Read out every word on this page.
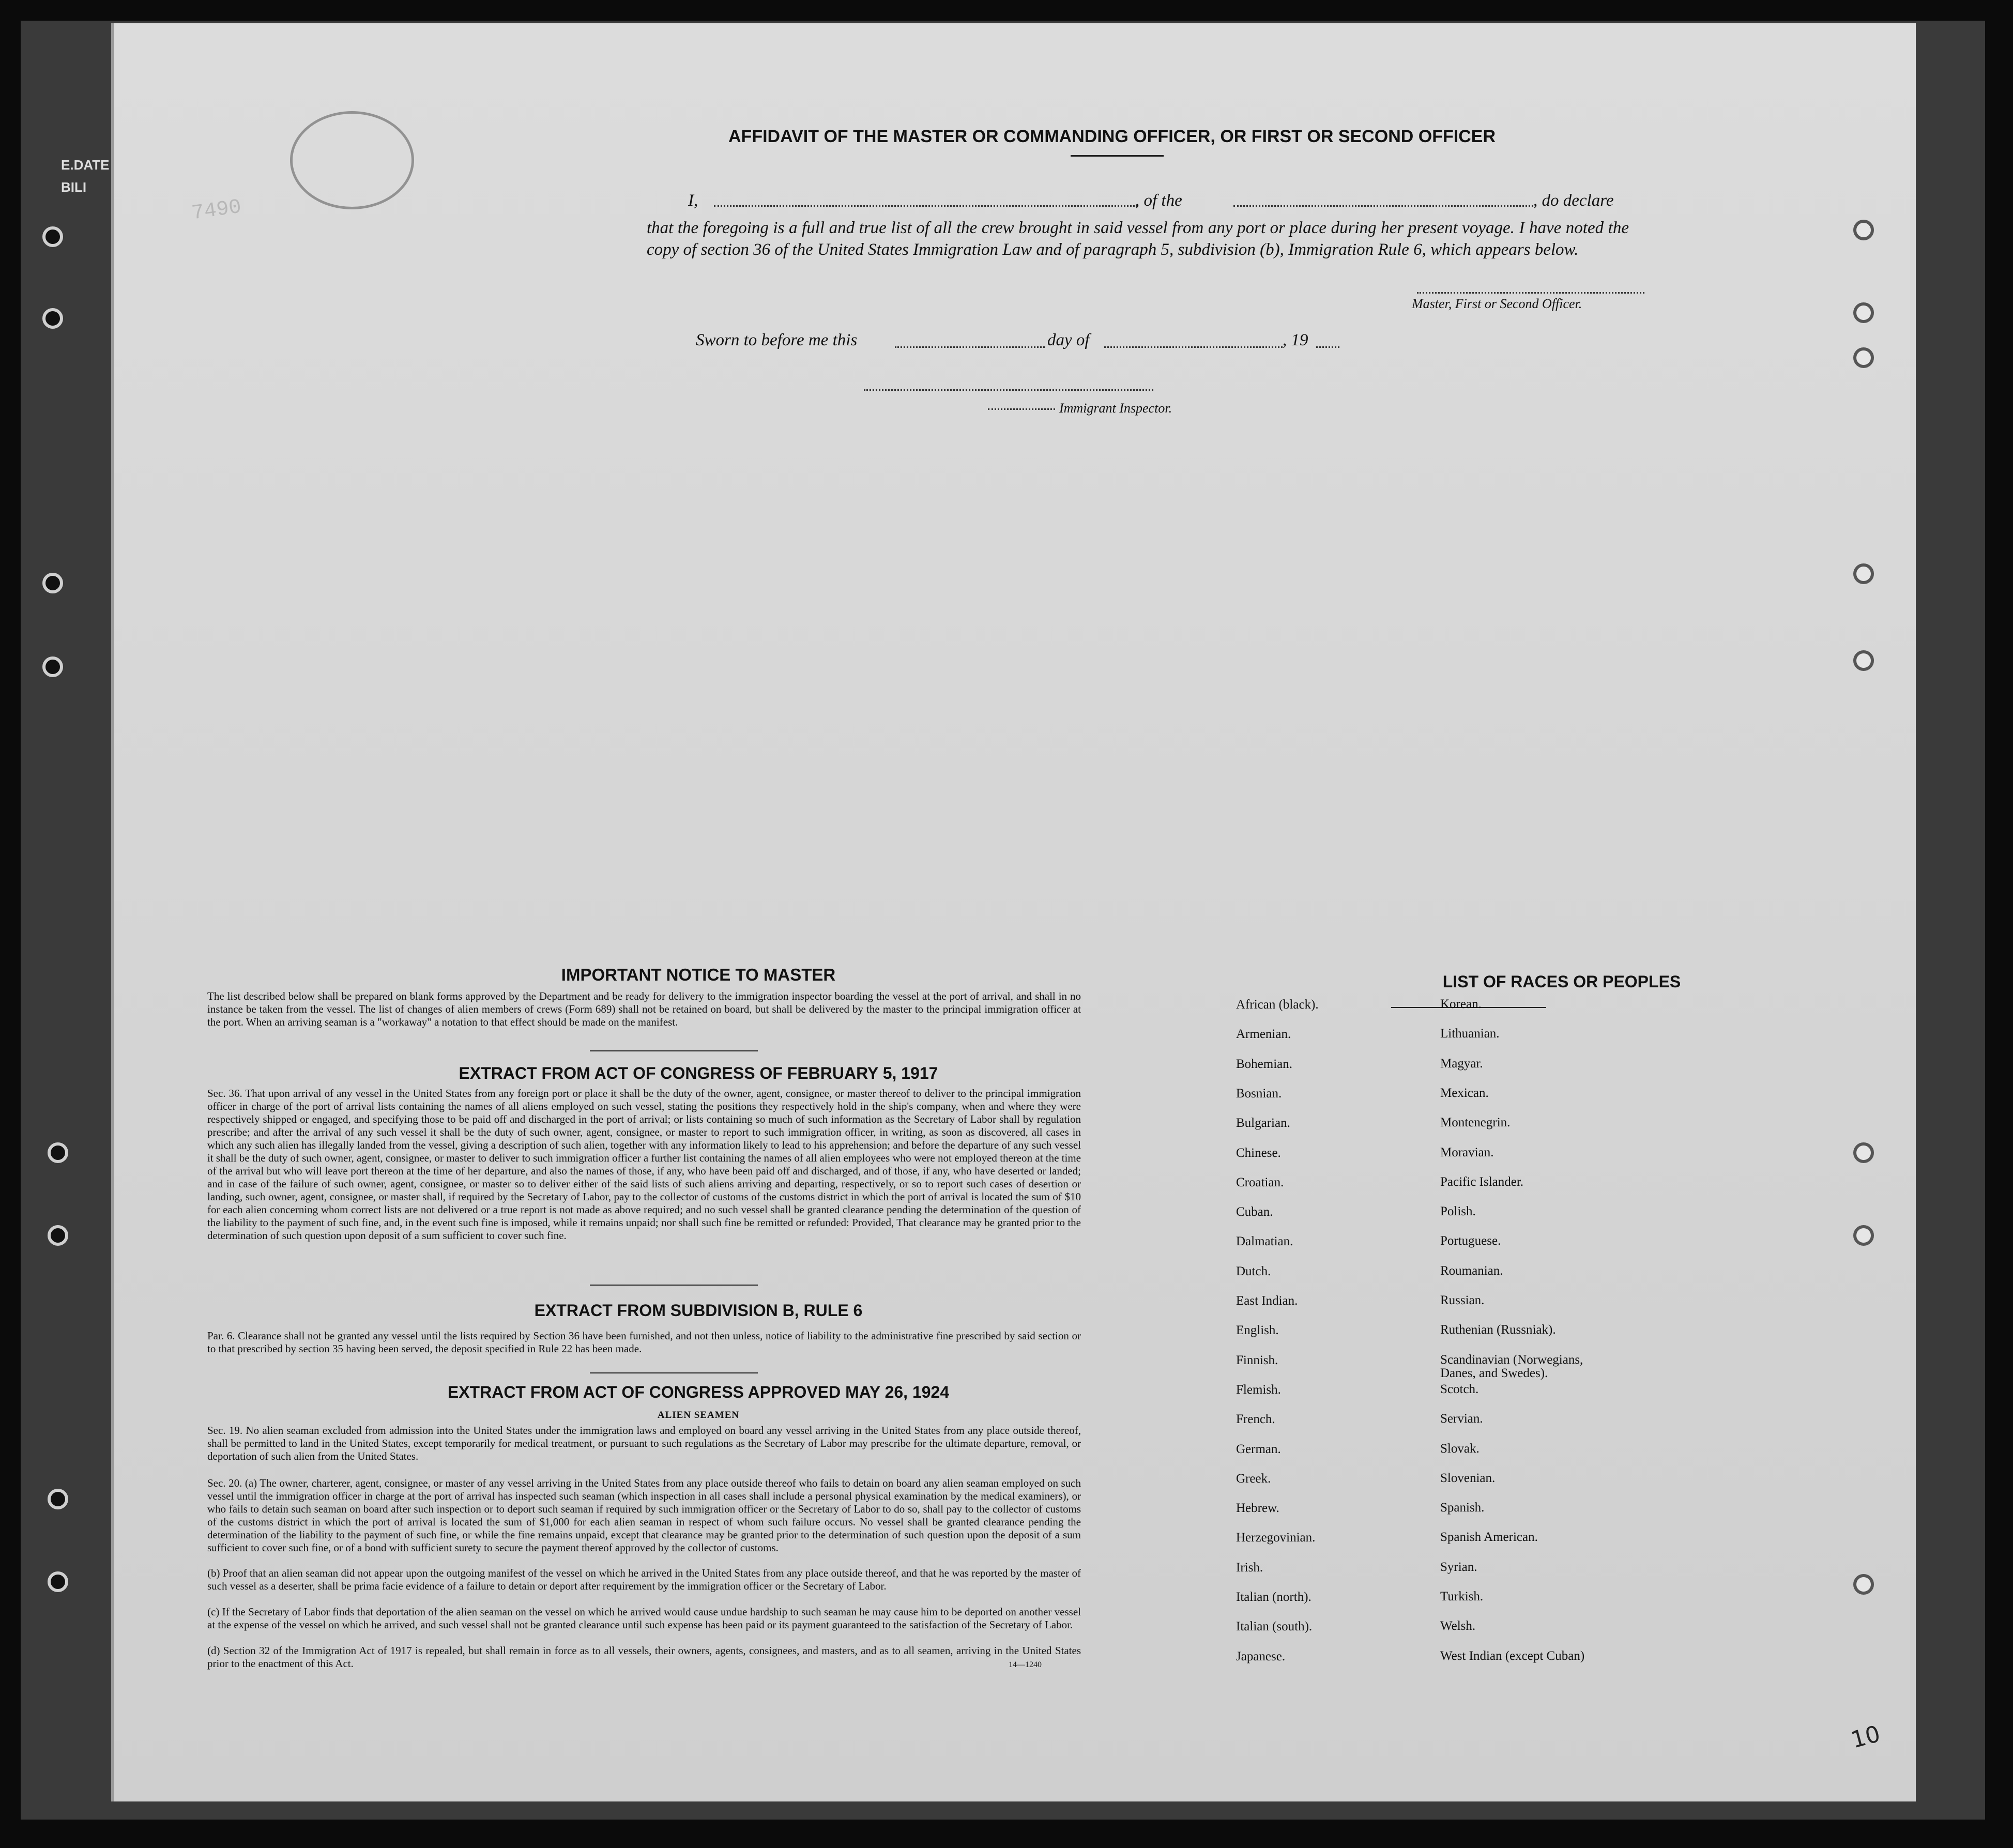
7490
AFFIDAVIT OF THE MASTER OR COMMANDING OFFICER, OR FIRST OR SECOND OFFICER
I,	, of the	, do declare
that the foregoing is a full and true list of all the crew brought in said vessel from any port or place during her present voyage. I have noted the copy of section 36 of the United States Immigration Law and of paragraph 5, subdivision (b), Immigration Rule 6, which appears below.
Master, First or Second Officer.
Sworn to before me this	day of	, 19
Immigrant Inspector.
IMPORTANT NOTICE TO MASTER
The list described below shall be prepared on blank forms approved by the Department and be ready for delivery to the immigration inspector boarding the vessel at the port of arrival, and shall in no instance be taken from the vessel. The list of changes of alien members of crews (Form 689) shall not be retained on board, but shall be delivered by the master to the principal immigration officer at the port. When an arriving seaman is a "workaway" a notation to that effect should be made on the manifest.
EXTRACT FROM ACT OF CONGRESS OF FEBRUARY 5, 1917
Sec. 36. That upon arrival of any vessel in the United States from any foreign port or place it shall be the duty of the owner, agent, consignee, or master thereof to deliver to the principal immigration officer in charge of the port of arrival lists containing the names of all aliens employed on such vessel, stating the positions they respectively hold in the ship's company, when and where they were respectively shipped or engaged, and specifying those to be paid off and discharged in the port of arrival; or lists containing so much of such information as the Secretary of Labor shall by regulation prescribe; and after the arrival of any such vessel it shall be the duty of such owner, agent, consignee, or master to report to such immigration officer, in writing, as soon as discovered, all cases in which any such alien has illegally landed from the vessel, giving a description of such alien, together with any information likely to lead to his apprehension; and before the departure of any such vessel it shall be the duty of such owner, agent, consignee, or master to deliver to such immigration officer a further list containing the names of all alien employees who were not employed thereon at the time of the arrival but who will leave port thereon at the time of her departure, and also the names of those, if any, who have been paid off and discharged, and of those, if any, who have deserted or landed; and in case of the failure of such owner, agent, consignee, or master so to deliver either of the said lists of such aliens arriving and departing, respectively, or so to report such cases of desertion or landing, such owner, agent, consignee, or master shall, if required by the Secretary of Labor, pay to the collector of customs of the customs district in which the port of arrival is located the sum of $10 for each alien concerning whom correct lists are not delivered or a true report is not made as above required; and no such vessel shall be granted clearance pending the determination of the question of the liability to the payment of such fine, and, in the event such fine is imposed, while it remains unpaid; nor shall such fine be remitted or refunded: Provided, That clearance may be granted prior to the determination of such question upon deposit of a sum sufficient to cover such fine.
EXTRACT FROM SUBDIVISION B, RULE 6
Par. 6. Clearance shall not be granted any vessel until the lists required by Section 36 have been furnished, and not then unless, notice of liability to the administrative fine prescribed by said section or to that prescribed by section 35 having been served, the deposit specified in Rule 22 has been made.
EXTRACT FROM ACT OF CONGRESS APPROVED MAY 26, 1924
ALIEN SEAMEN
Sec. 19. No alien seaman excluded from admission into the United States under the immigration laws and employed on board any vessel arriving in the United States from any place outside thereof, shall be permitted to land in the United States, except temporarily for medical treatment, or pursuant to such regulations as the Secretary of Labor may prescribe for the ultimate departure, removal, or deportation of such alien from the United States.
Sec. 20. (a) The owner, charterer, agent, consignee, or master of any vessel arriving in the United States from any place outside thereof who fails to detain on board any alien seaman employed on such vessel until the immigration officer in charge at the port of arrival has inspected such seaman (which inspection in all cases shall include a personal physical examination by the medical examiners), or who fails to detain such seaman on board after such inspection or to deport such seaman if required by such immigration officer or the Secretary of Labor to do so, shall pay to the collector of customs of the customs district in which the port of arrival is located the sum of $1,000 for each alien seaman in respect of whom such failure occurs. No vessel shall be granted clearance pending the determination of the liability to the payment of such fine, or while the fine remains unpaid, except that clearance may be granted prior to the determination of such question upon the deposit of a sum sufficient to cover such fine, or of a bond with sufficient surety to secure the payment thereof approved by the collector of customs.
(b) Proof that an alien seaman did not appear upon the outgoing manifest of the vessel on which he arrived in the United States from any place outside thereof, and that he was reported by the master of such vessel as a deserter, shall be prima facie evidence of a failure to detain or deport after requirement by the immigration officer or the Secretary of Labor.
(c) If the Secretary of Labor finds that deportation of the alien seaman on the vessel on which he arrived would cause undue hardship to such seaman he may cause him to be deported on another vessel at the expense of the vessel on which he arrived, and such vessel shall not be granted clearance until such expense has been paid or its payment guaranteed to the satisfaction of the Secretary of Labor.
(d) Section 32 of the Immigration Act of 1917 is repealed, but shall remain in force as to all vessels, their owners, agents, consignees, and masters, and as to all seamen, arriving in the United States prior to the enactment of this Act.	14—1240
LIST OF RACES OR PEOPLES
10
African (black).
Armenian.
Bohemian.
Bosnian.
Bulgarian.
Chinese.
Croatian.
Cuban.
Dalmatian.
Dutch.
East Indian.
English.
Finnish.
Flemish.
French.
German.
Greek.
Hebrew.
Herzegovinian.
Irish.
Italian (north).
Italian (south).
Japanese.
Korean.
Lithuanian.
Magyar.
Mexican.
Montenegrin.
Moravian.
Pacific Islander.
Polish.
Portuguese.
Roumanian.
Russian.
Ruthenian (Russniak).
Scandinavian (Norwegians, Danes, and Swedes).
Scotch.
Servian.
Slovak.
Slovenian.
Spanish.
Spanish American.
Syrian.
Turkish.
Welsh.
West Indian (except Cuban)
E.DATE
BILI
